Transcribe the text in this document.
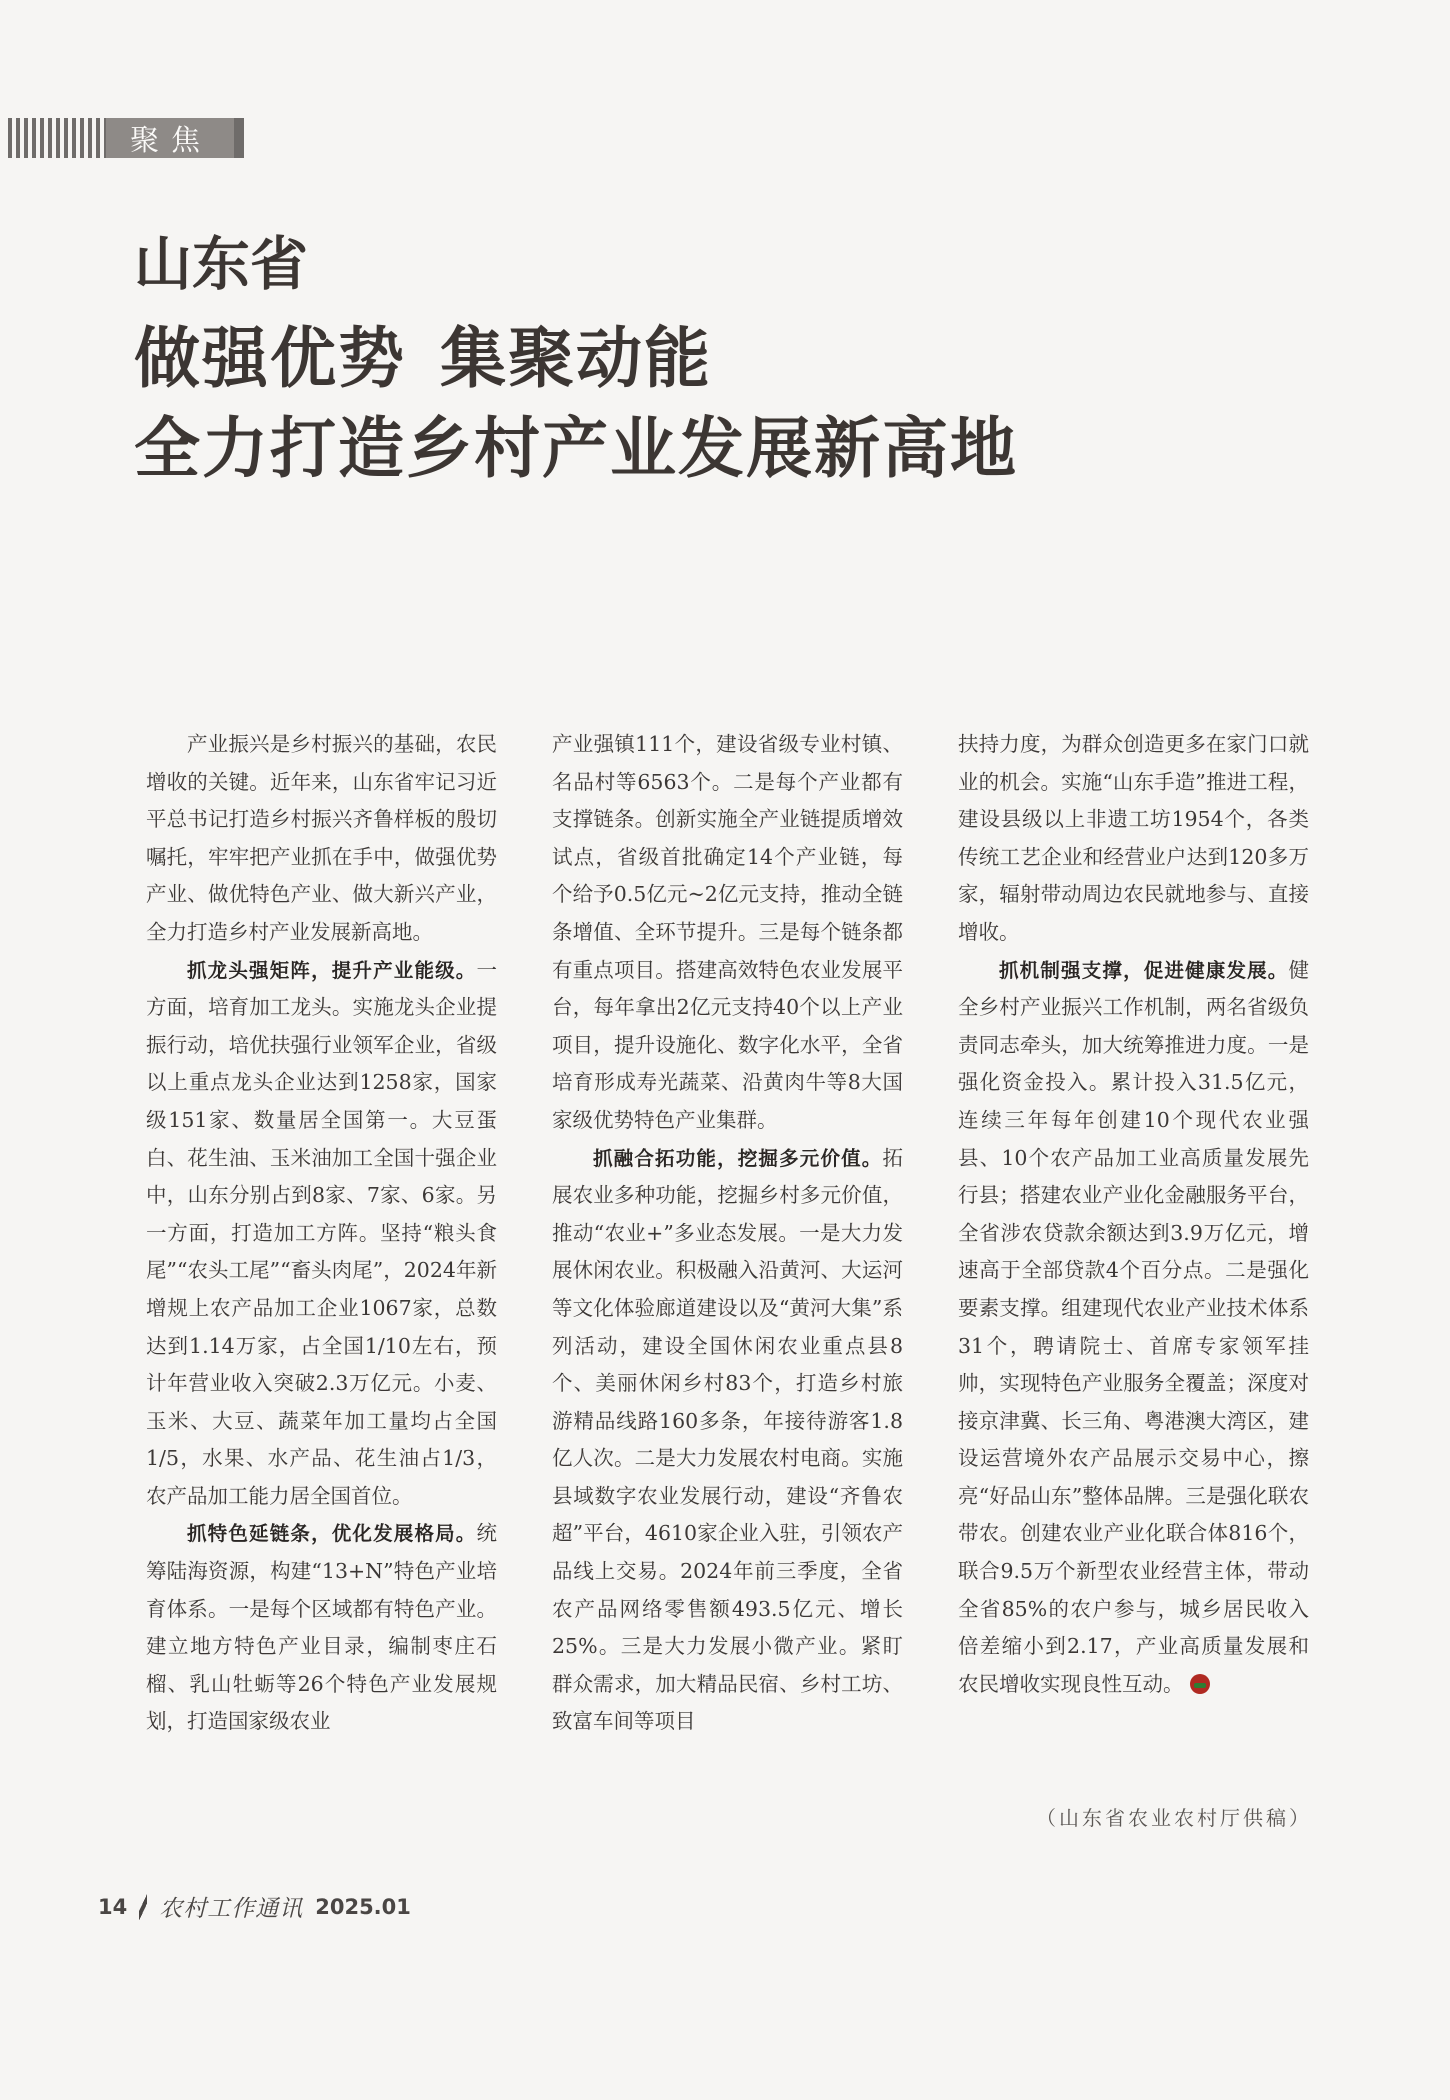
聚焦
山东省
做强优势 集聚动能
全力打造乡村产业发展新高地

产业振兴是乡村振兴的基础，农民增收的关键。近年来，山东省牢记习近平总书记打造乡村振兴齐鲁样板的殷切嘱托，牢牢把产业抓在手中，做强优势产业、做优特色产业、做大新兴产业，全力打造乡村产业发展新高地。

抓龙头强矩阵，提升产业能级。一方面，培育加工龙头。实施龙头企业提振行动，培优扶强行业领军企业，省级以上重点龙头企业达到1258家，国家级151家、数量居全国第一。大豆蛋白、花生油、玉米油加工全国十强企业中，山东分别占到8家、7家、6家。另一方面，打造加工方阵。坚持“粮头食尾”“农头工尾”“畜头肉尾”，2024年新增规上农产品加工企业1067家，总数达到1.14万家，占全国1/10左右，预计年营业收入突破2.3万亿元。小麦、玉米、大豆、蔬菜年加工量均占全国1/5，水果、水产品、花生油占1/3，农产品加工能力居全国首位。

抓特色延链条，优化发展格局。统筹陆海资源，构建“13+N”特色产业培育体系。一是每个区域都有特色产业。建立地方特色产业目录，编制枣庄石榴、乳山牡蛎等26个特色产业发展规划，打造国家级农业

产业强镇111个，建设省级专业村镇、名品村等6563个。二是每个产业都有支撑链条。创新实施全产业链提质增效试点，省级首批确定14个产业链，每个给予0.5亿元~2亿元支持，推动全链条增值、全环节提升。三是每个链条都有重点项目。搭建高效特色农业发展平台，每年拿出2亿元支持40个以上产业项目，提升设施化、数字化水平，全省培育形成寿光蔬菜、沿黄肉牛等8大国家级优势特色产业集群。

抓融合拓功能，挖掘多元价值。拓展农业多种功能，挖掘乡村多元价值，推动“农业+”多业态发展。一是大力发展休闲农业。积极融入沿黄河、大运河等文化体验廊道建设以及“黄河大集”系列活动，建设全国休闲农业重点县8个、美丽休闲乡村83个，打造乡村旅游精品线路160多条，年接待游客1.8亿人次。二是大力发展农村电商。实施县域数字农业发展行动，建设“齐鲁农超”平台，4610家企业入驻，引领农产品线上交易。2024年前三季度，全省农产品网络零售额493.5亿元、增长25%。三是大力发展小微产业。紧盯群众需求，加大精品民宿、乡村工坊、致富车间等项目

扶持力度，为群众创造更多在家门口就业的机会。实施“山东手造”推进工程，建设县级以上非遗工坊1954个，各类传统工艺企业和经营业户达到120多万家，辐射带动周边农民就地参与、直接增收。

抓机制强支撑，促进健康发展。健全乡村产业振兴工作机制，两名省级负责同志牵头，加大统筹推进力度。一是强化资金投入。累计投入31.5亿元，连续三年每年创建10个现代农业强县、10个农产品加工业高质量发展先行县；搭建农业产业化金融服务平台，全省涉农贷款余额达到3.9万亿元，增速高于全部贷款4个百分点。二是强化要素支撑。组建现代农业产业技术体系31个，聘请院士、首席专家领军挂帅，实现特色产业服务全覆盖；深度对接京津冀、长三角、粤港澳大湾区，建设运营境外农产品展示交易中心，擦亮“好品山东”整体品牌。三是强化联农带农。创建农业产业化联合体816个，联合9.5万个新型农业经营主体，带动全省85%的农户参与，城乡居民收入倍差缩小到2.17，产业高质量发展和农民增收实现良性互动。

（山东省农业农村厅供稿）
14 农村工作通讯 2025.01
